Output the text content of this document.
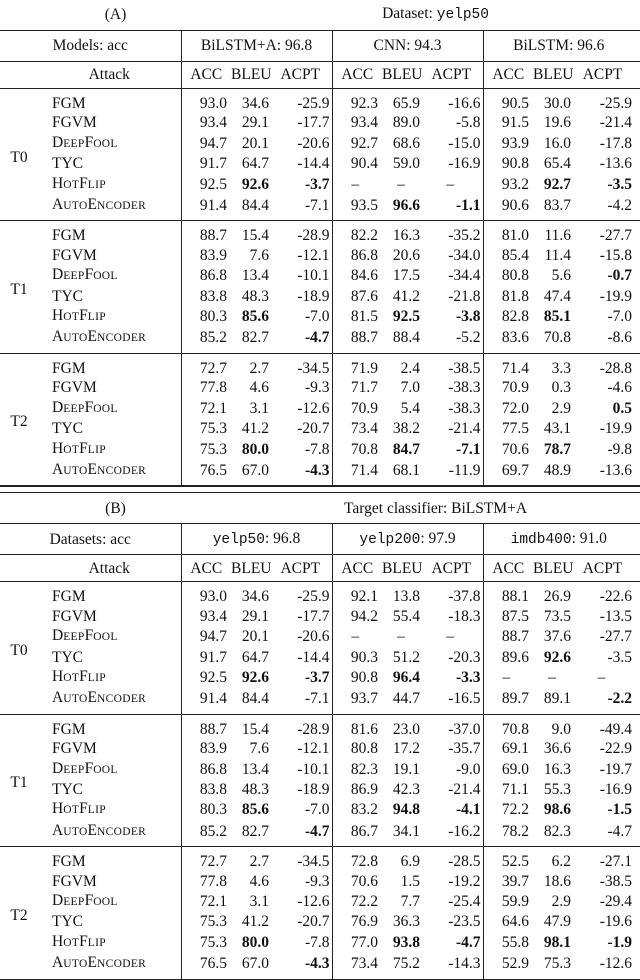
(A)			Dataset: yelp50								
Models: acc		BiLSTM+A: 96.8			CNN: 94.3			BiLSTM: 96.6			
	Attack	ACC	BLEU	ACPT	ACC	BLEU	ACPT	ACC	BLEU	ACPT	
T0	FGM	93.0	34.6	-25.9	92.3	65.9	-16.6	90.5	30.0	-25.9	
	FGVM	93.4	29.1	-17.7	93.4	89.0	-5.8	91.5	19.6	-21.4	
	DEEPFOOL	94.7	20.1	-20.6	92.7	68.6	-15.0	93.9	16.0	-17.8	
	TYC	91.7	64.7	-14.4	90.4	59.0	-16.9	90.8	65.4	-13.6	
	HOTFLIP	92.5	92.6	-3.7	–	–	–	93.2	92.7	-3.5	
	AUTOENCODER	91.4	84.4	-7.1	93.5	96.6	-1.1	90.6	83.7	-4.2	
T1	FGM	88.7	15.4	-28.9	82.2	16.3	-35.2	81.0	11.6	-27.7	
	FGVM	83.9	7.6	-12.1	86.8	20.6	-34.0	85.4	11.4	-15.8	
	DEEPFOOL	86.8	13.4	-10.1	84.6	17.5	-34.4	80.8	5.6	-0.7	
	TYC	83.8	48.3	-18.9	87.6	41.2	-21.8	81.8	47.4	-19.9	
	HOTFLIP	80.3	85.6	-7.0	81.5	92.5	-3.8	82.8	85.1	-7.0	
	AUTOENCODER	85.2	82.7	-4.7	88.7	88.4	-5.2	83.6	70.8	-8.6	
T2	FGM	72.7	2.7	-34.5	71.9	2.4	-38.5	71.4	3.3	-28.8	
	FGVM	77.8	4.6	-9.3	71.7	7.0	-38.3	70.9	0.3	-4.6	
	DEEPFOOL	72.1	3.1	-12.6	70.9	5.4	-38.3	72.0	2.9	0.5	
	TYC	75.3	41.2	-20.7	73.4	38.2	-21.4	77.5	43.1	-19.9	
	HOTFLIP	75.3	80.0	-7.8	70.8	84.7	-7.1	70.6	78.7	-9.8	
	AUTOENCODER	76.5	67.0	-4.3	71.4	68.1	-11.9	69.7	48.9	-13.6	

(B)			Target classifier: BiLSTM+A								
Datasets: acc		yelp50: 96.8			yelp200: 97.9			imdb400: 91.0			
	Attack	ACC	BLEU	ACPT	ACC	BLEU	ACPT	ACC	BLEU	ACPT	
T0	FGM	93.0	34.6	-25.9	92.1	13.8	-37.8	88.1	26.9	-22.6	
	FGVM	93.4	29.1	-17.7	94.2	55.4	-18.3	87.5	73.5	-13.5	
	DEEPFOOL	94.7	20.1	-20.6	–	–	–	88.7	37.6	-27.7	
	TYC	91.7	64.7	-14.4	90.3	51.2	-20.3	89.6	92.6	-3.5	
	HOTFLIP	92.5	92.6	-3.7	90.8	96.4	-3.3	–	–	–	
	AUTOENCODER	91.4	84.4	-7.1	93.7	44.7	-16.5	89.7	89.1	-2.2	
T1	FGM	88.7	15.4	-28.9	81.6	23.0	-37.0	70.8	9.0	-49.4	
	FGVM	83.9	7.6	-12.1	80.8	17.2	-35.7	69.1	36.6	-22.9	
	DEEPFOOL	86.8	13.4	-10.1	82.3	19.1	-9.0	69.0	16.3	-19.7	
	TYC	83.8	48.3	-18.9	86.9	42.3	-21.4	71.1	55.3	-16.9	
	HOTFLIP	80.3	85.6	-7.0	83.2	94.8	-4.1	72.2	98.6	-1.5	
	AUTOENCODER	85.2	82.7	-4.7	86.7	34.1	-16.2	78.2	82.3	-4.7	
T2	FGM	72.7	2.7	-34.5	72.8	6.9	-28.5	52.5	6.2	-27.1	
	FGVM	77.8	4.6	-9.3	70.6	1.5	-19.2	39.7	18.6	-38.5	
	DEEPFOOL	72.1	3.1	-12.6	72.2	7.7	-25.4	59.9	2.9	-29.4	
	TYC	75.3	41.2	-20.7	76.9	36.3	-23.5	64.6	47.9	-19.6	
	HOTFLIP	75.3	80.0	-7.8	77.0	93.8	-4.7	55.8	98.1	-1.9	
	AUTOENCODER	76.5	67.0	-4.3	73.4	75.2	-14.3	52.9	75.3	-12.6	
